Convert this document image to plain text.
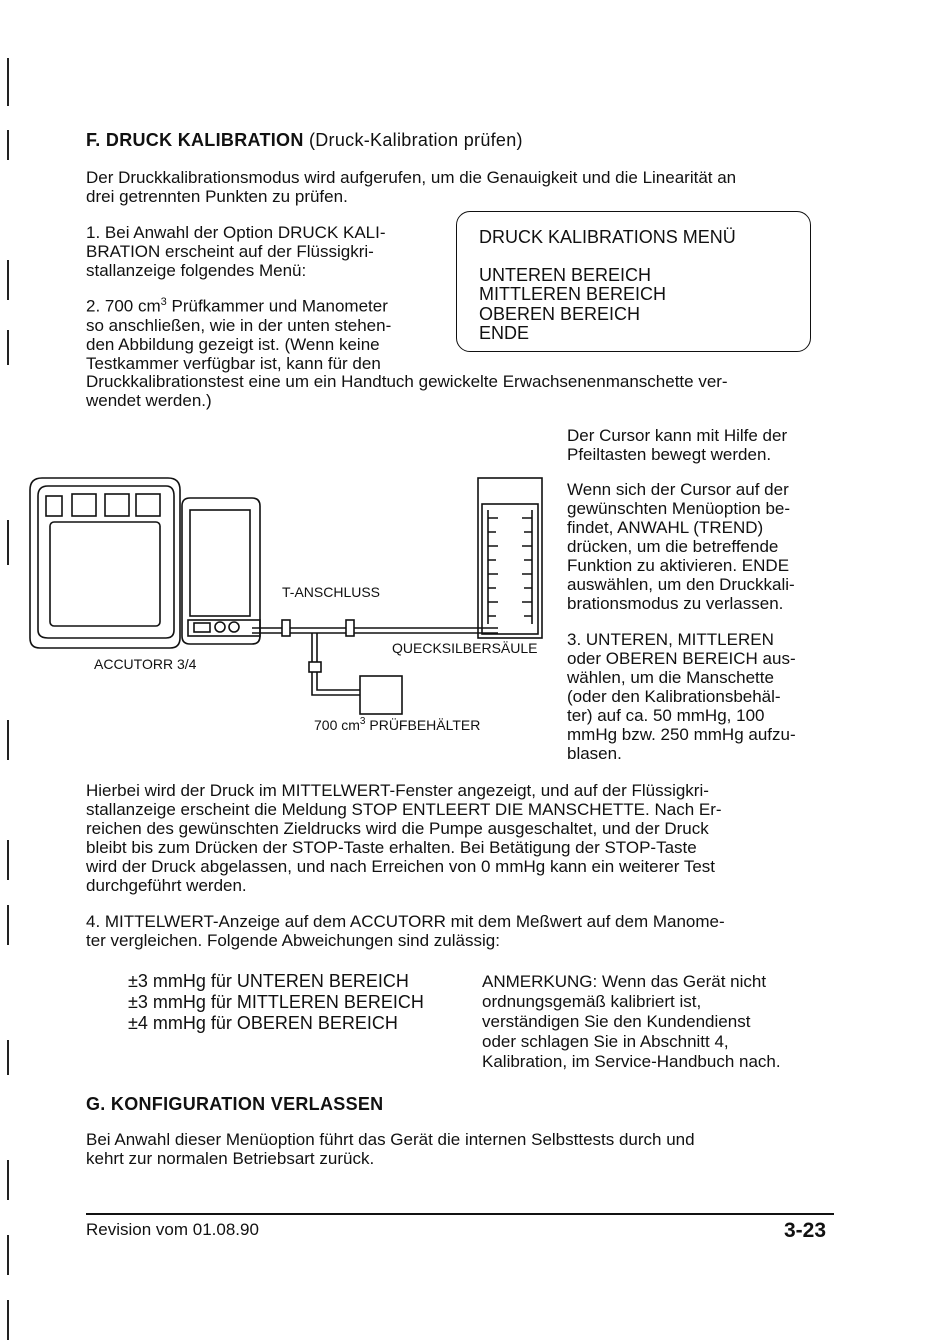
F. DRUCK KALIBRATION (Druck-Kalibration prüfen)
Der Druckkalibrationsmodus wird aufgerufen, um die Genauigkeit und die Linearität an
drei getrennten Punkten zu prüfen.
1. Bei Anwahl der Option DRUCK KALI-
BRATION erscheint auf der Flüssigkri-
stallanzeige folgendes Menü:
2. 700 $cm^3$ Prüfkammer und Manometer
so anschließen, wie in der unten stehen-
den Abbildung gezeigt ist. (Wenn keine
Testkammer verfügbar ist, kann für den
Druckkalibrationstest eine um ein Handtuch gewickelte Erwachsenenmanschette ver-
wendet werden.)
DRUCK KALIBRATIONS MENÜ
UNTEREN BEREICH
MITTLEREN BEREICH
OBEREN BEREICH
ENDE
Der Cursor kann mit Hilfe der
Pfeiltasten bewegt werden.
Wenn sich der Cursor auf der
gewünschten Menüoption be-
findet, ANWAHL (TREND)
drücken, um die betreffende
Funktion zu aktivieren. ENDE
auswählen, um den Druckkali-
brationsmodus zu verlassen.
3. UNTEREN, MITTLEREN
oder OBEREN BEREICH aus-
wählen, um die Manschette
(oder den Kalibrationsbehäl-
ter) auf ca. 50 mmHg, 100
mmHg bzw. 250 mmHg aufzu-
blasen.
T-ANSCHLUSS
QUECKSILBERSÄULE
ACCUTORR 3/4
700 $cm^3$ PRÜFBEHÄLTER
Hierbei wird der Druck im MITTELWERT-Fenster angezeigt, und auf der Flüssigkri-
stallanzeige erscheint die Meldung STOP ENTLEERT DIE MANSCHETTE. Nach Er-
reichen des gewünschten Zieldrucks wird die Pumpe ausgeschaltet, und der Druck
bleibt bis zum Drücken der STOP-Taste erhalten. Bei Betätigung der STOP-Taste
wird der Druck abgelassen, und nach Erreichen von 0 mmHg kann ein weiterer Test
durchgeführt werden.
4. MITTELWERT-Anzeige auf dem ACCUTORR mit dem Meßwert auf dem Manome-
ter vergleichen. Folgende Abweichungen sind zulässig:
±3 mmHg für UNTEREN BEREICH
±3 mmHg für MITTLEREN BEREICH
±4 mmHg für OBEREN BEREICH
ANMERKUNG: Wenn das Gerät nicht
ordnungsgemäß kalibriert ist,
verständigen Sie den Kundendienst
oder schlagen Sie in Abschnitt 4,
Kalibration, im Service-Handbuch nach.
G. KONFIGURATION VERLASSEN
Bei Anwahl dieser Menüoption führt das Gerät die internen Selbsttests durch und
kehrt zur normalen Betriebsart zurück.
Revision vom 01.08.90	3-23
